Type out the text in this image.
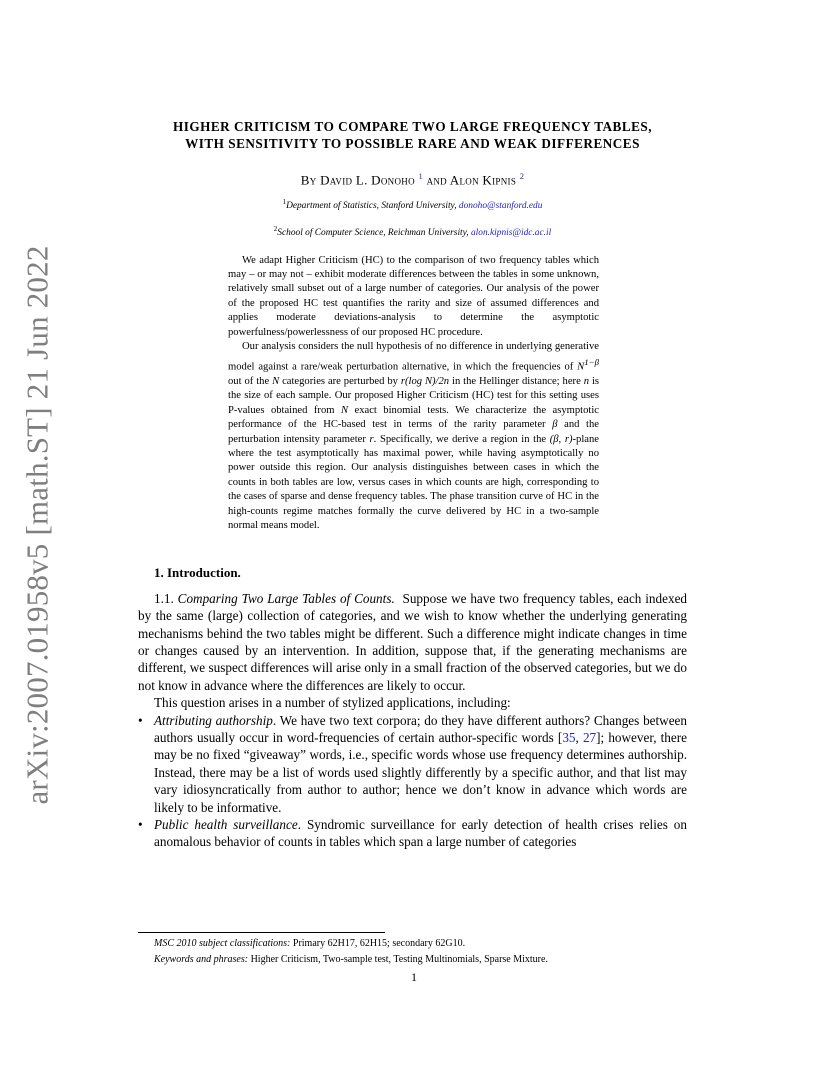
arXiv:2007.01958v5 [math.ST] 21 Jun 2022
HIGHER CRITICISM TO COMPARE TWO LARGE FREQUENCY TABLES,
WITH SENSITIVITY TO POSSIBLE RARE AND WEAK DIFFERENCES
By David L. Donoho $^1$ and Alon Kipnis $^2$
$^1$Department of Statistics, Stanford University, donoho@stanford.edu
$^2$School of Computer Science, Reichman University, alon.kipnis@idc.ac.il

We adapt Higher Criticism (HC) to the comparison of two frequency tables which may – or may not – exhibit moderate differences between the tables in some unknown, relatively small subset out of a large number of categories. Our analysis of the power of the proposed HC test quantifies the rarity and size of assumed differences and applies moderate deviations-analysis to determine the asymptotic powerfulness/powerlessness of our proposed HC procedure.

Our analysis considers the null hypothesis of no difference in underlying generative model against a rare/weak perturbation alternative, in which the frequencies of $N^{1-\beta}$ out of the N categories are perturbed by r(log N)/2n in the Hellinger distance; here n is the size of each sample. Our proposed Higher Criticism (HC) test for this setting uses P-values obtained from N exact binomial tests. We characterize the asymptotic performance of the HC-based test in terms of the rarity parameter β and the perturbation intensity parameter r. Specifically, we derive a region in the (β, r)-plane where the test asymptotically has maximal power, while having asymptotically no power outside this region. Our analysis distinguishes between cases in which the counts in both tables are low, versus cases in which counts are high, corresponding to the cases of sparse and dense frequency tables. The phase transition curve of HC in the high-counts regime matches formally the curve delivered by HC in a two-sample normal means model.

1. Introduction.

1.1. Comparing Two Large Tables of Counts. Suppose we have two frequency tables, each indexed by the same (large) collection of categories, and we wish to know whether the underlying generating mechanisms behind the two tables might be different. Such a difference might indicate changes in time or changes caused by an intervention. In addition, suppose that, if the generating mechanisms are different, we suspect differences will arise only in a small fraction of the observed categories, but we do not know in advance where the differences are likely to occur.

This question arises in a number of stylized applications, including:

• Attributing authorship. We have two text corpora; do they have different authors? Changes between authors usually occur in word-frequencies of certain author-specific words [35, 27]; however, there may be no fixed “giveaway” words, i.e., specific words whose use frequency determines authorship. Instead, there may be a list of words used slightly differently by a specific author, and that list may vary idiosyncratically from author to author; hence we don’t know in advance which words are likely to be informative.
• Public health surveillance. Syndromic surveillance for early detection of health crises relies on anomalous behavior of counts in tables which span a large number of categories
MSC 2010 subject classifications: Primary 62H17, 62H15; secondary 62G10.
Keywords and phrases: Higher Criticism, Two-sample test, Testing Multinomials, Sparse Mixture.
1
